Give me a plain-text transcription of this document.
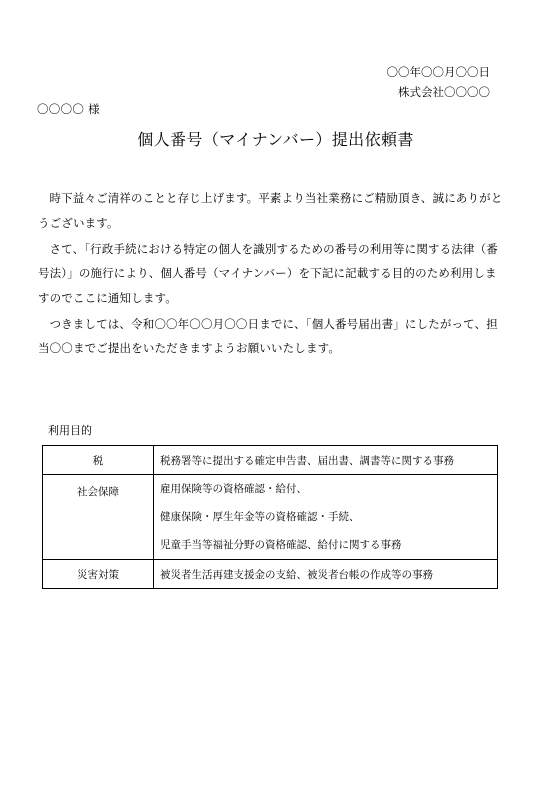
〇〇年〇〇月〇〇日
株式会社〇〇〇〇
〇〇〇〇 様
個人番号（マイナンバー）提出依頼書

時下益々ご清祥のことと存じ上げます。平素より当社業務にご精励頂き、誠にありがとうございます。

さて、「行政手続における特定の個人を識別するための番号の利用等に関する法律（番号法）」の施行により、個人番号（マイナンバー）を下記に記載する目的のため利用しますのでここに通知します。

つきましては、令和〇〇年〇〇月〇〇日までに、「個人番号届出書」にしたがって、担当〇〇までご提出をいただきますようお願いいたします。

利用目的
税	税務署等に提出する確定申告書、届出書、調書等に関する事務
社会保障	雇用保険等の資格確認・給付、
健康保険・厚生年金等の資格確認・手続、
児童手当等福祉分野の資格確認、給付に関する事務

災害対策	被災者生活再建支援金の支給、被災者台帳の作成等の事務
